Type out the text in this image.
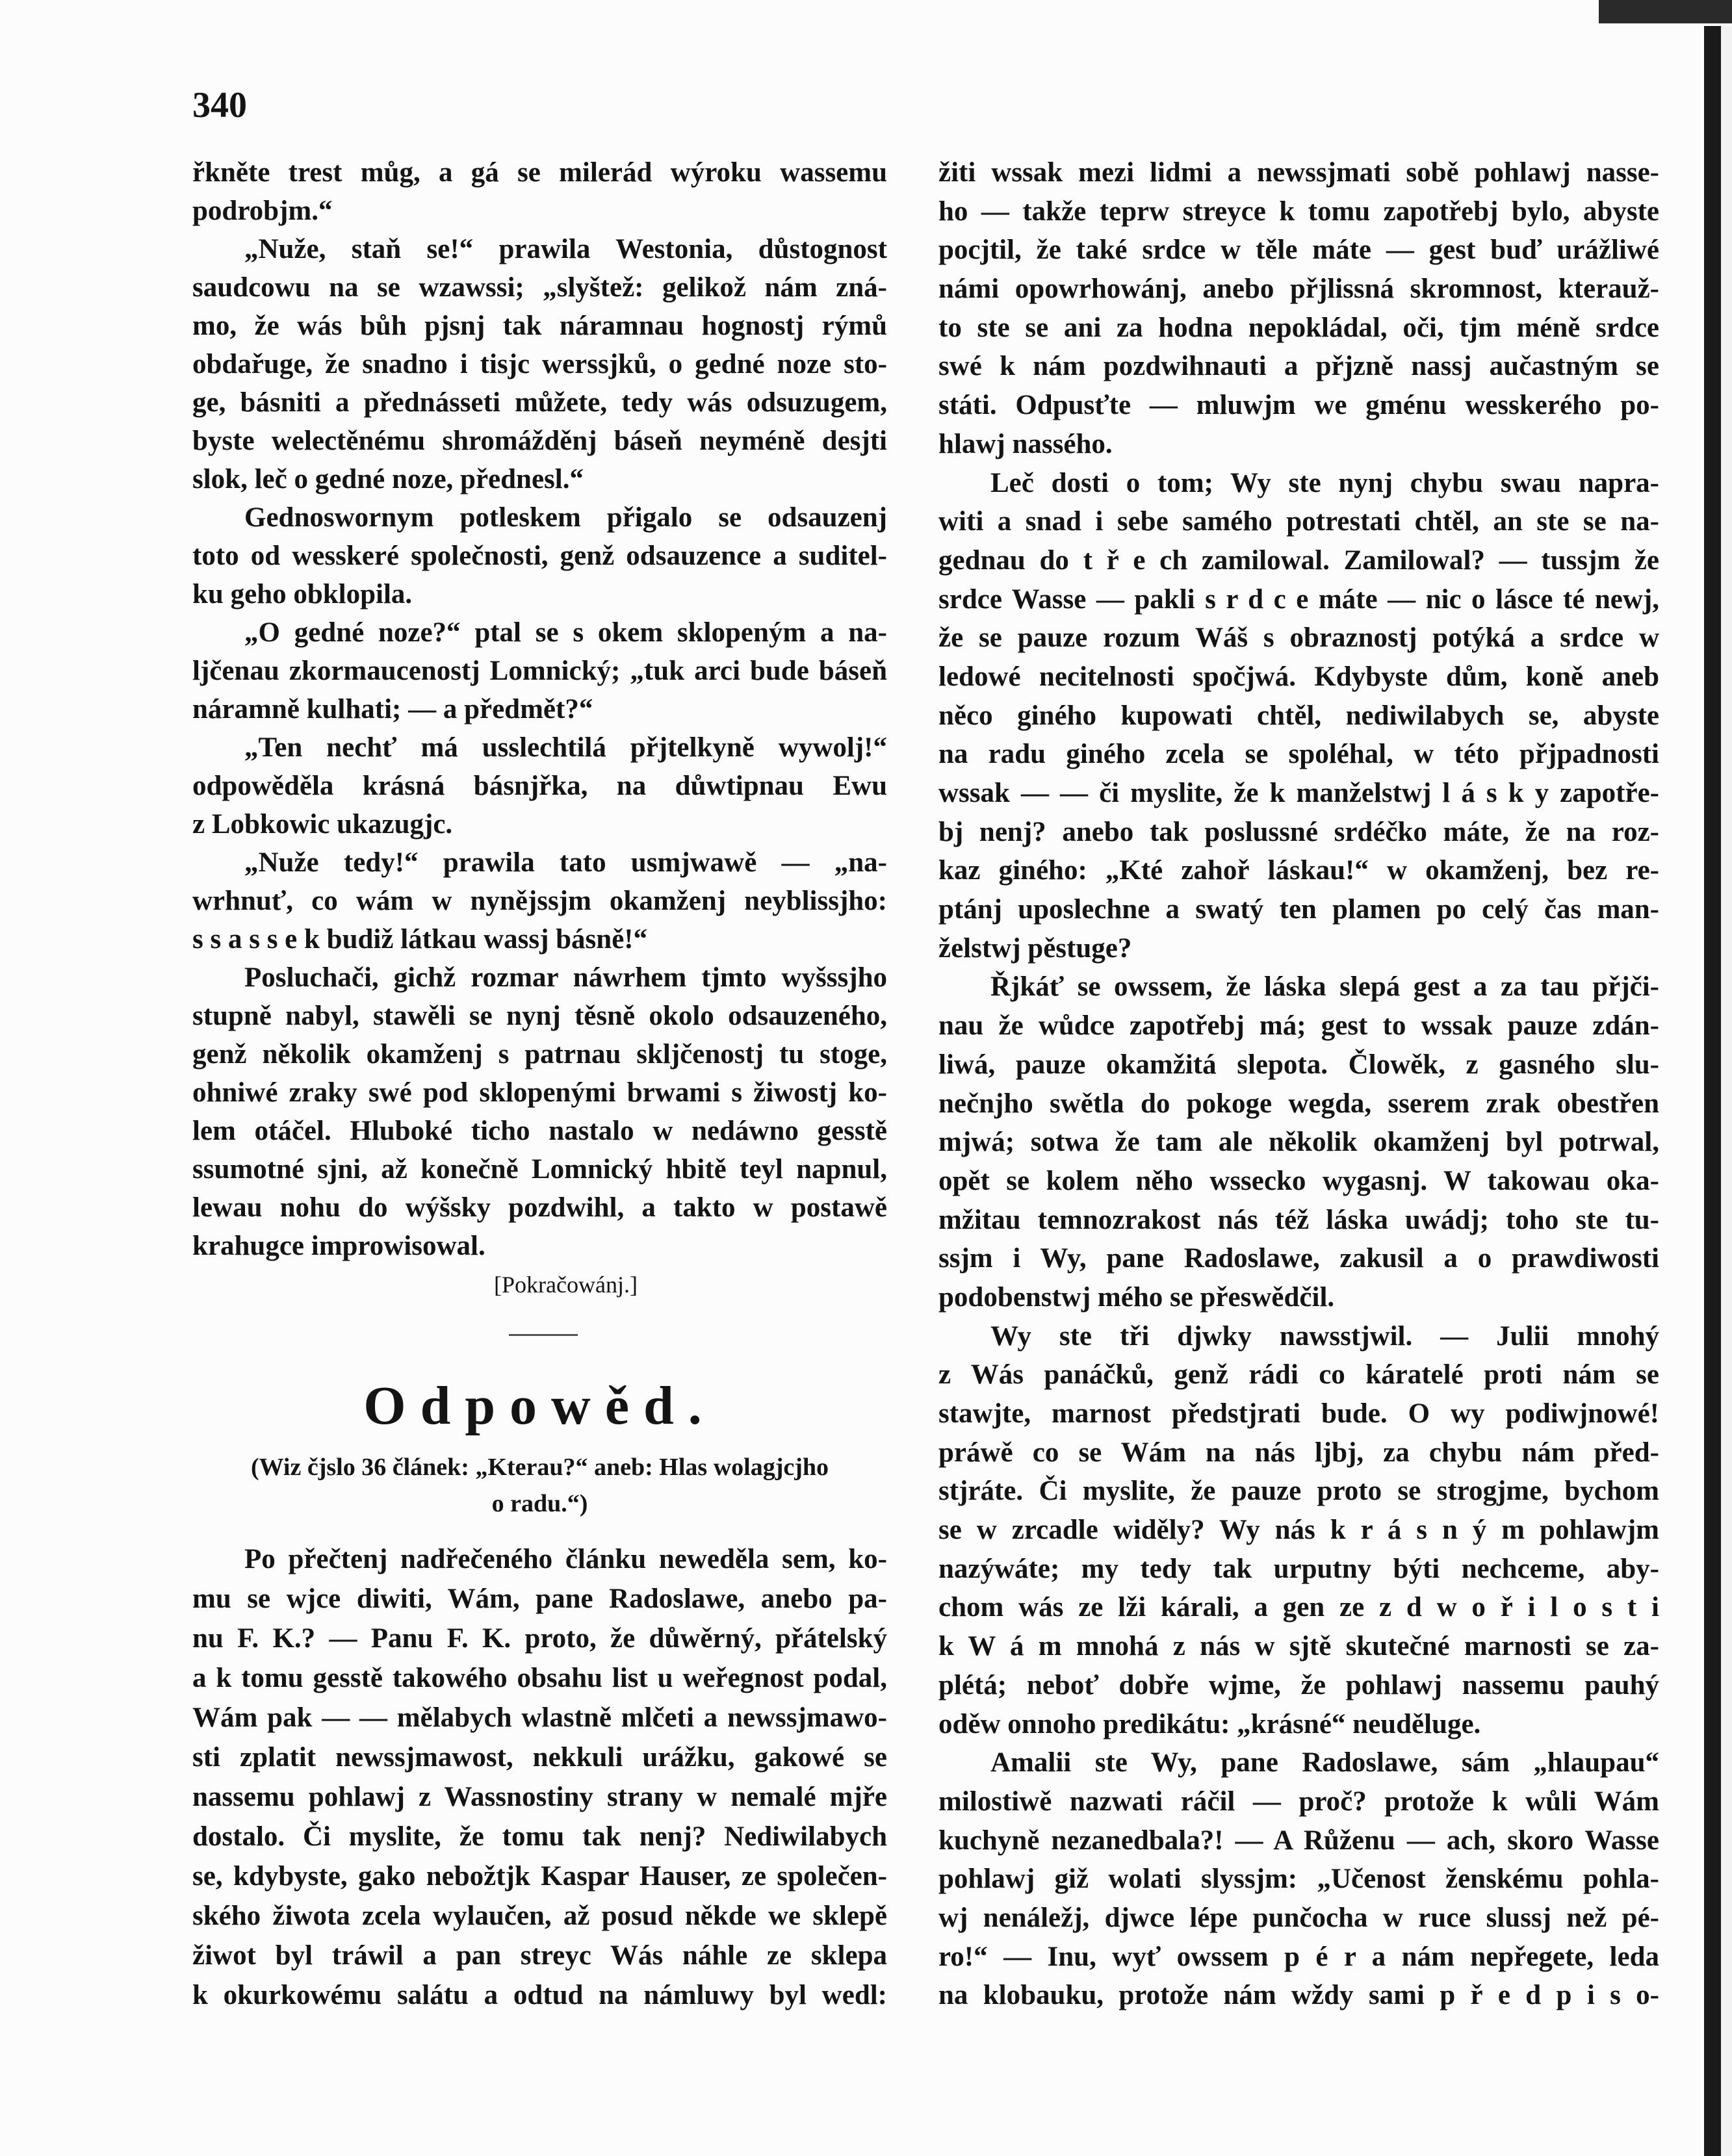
340
řkněte trest můg, a gá se milerád wýroku wassemu
podrobjm.“
„Nuže, staň se!“ prawila Westonia, důstognost
saudcowu na se wzawssi; „slyštež: gelikož nám zná-
mo, že wás bůh pjsnj tak náramnau hognostj rýmů
obdařuge, že snadno i tisjc werssjků, o gedné noze sto-
ge, básniti a přednásseti můžete, tedy wás odsuzugem,
byste welectěnému shromážděnj báseň neyméně desjti
slok, leč o gedné noze, přednesl.“
Gednoswornym potleskem přigalo se odsauzenj
toto od wesskeré společnosti, genž odsauzence a suditel-
ku geho obklopila.
„O gedné noze?“ ptal se s okem sklopeným a na-
ljčenau zkormaucenostj Lomnický; „tuk arci bude báseň
náramně kulhati; — a předmět?“
„Ten nechť má usslechtilá přjtelkyně wywolj!“
odpowěděla krásná básnjřka, na důwtipnau Ewu
z Lobkowic ukazugjc.
„Nuže tedy!“ prawila tato usmjwawě — „na-
wrhnuť, co wám w nynějssjm okamženj neyblissjho:
s s a s s e k budiž látkau wassj básně!“
Posluchači, gichž rozmar náwrhem tjmto wyšssjho
stupně nabyl, stawěli se nynj těsně okolo odsauzeného,
genž několik okamženj s patrnau skljčenostj tu stoge,
ohniwé zraky swé pod sklopenými brwami s žiwostj ko-
lem otáčel. Hluboké ticho nastalo w nedáwno gesstě
ssumotné sjni, až konečně Lomnický hbitě teyl napnul,
lewau nohu do wýšsky pozdwihl, a takto w postawě
krahugce improwisowal.
[Pokračowánj.]
Odpowěd.
(Wiz čjslo 36 článek: „Kterau?“ aneb: Hlas wolagjcjho
o radu.“)
Po přečtenj nadřečeného článku neweděla sem, ko-
mu se wjce diwiti, Wám, pane Radoslawe, anebo pa-
nu F. K.? — Panu F. K. proto, že důwěrný, přátelský
a k tomu gesstě takowého obsahu list u weřegnost podal,
Wám pak — — mělabych wlastně mlčeti a newssjmawo-
sti zplatit newssjmawost, nekkuli urážku, gakowé se
nassemu pohlawj z Wassnostiny strany w nemalé mjře
dostalo. Či myslite, že tomu tak nenj? Nediwilabych
se, kdybyste, gako nebožtjk Kaspar Hauser, ze společen-
ského žiwota zcela wylaučen, až posud někde we sklepě
žiwot byl tráwil a pan streyc Wás náhle ze sklepa
k okurkowému salátu a odtud na námluwy byl wedl:
žiti wssak mezi lidmi a newssjmati sobě pohlawj nasse-
ho — takže teprw streyce k tomu zapotřebj bylo, abyste
pocjtil, že také srdce w těle máte — gest buď urážliwé
námi opowrhowánj, anebo přjlissná skromnost, kterauž-
to ste se ani za hodna nepokládal, oči, tjm méně srdce
swé k nám pozdwihnauti a přjzně nassj aučastným se
státi. Odpusťte — mluwjm we gménu wesskerého po-
hlawj nassého.
Leč dosti o tom; Wy ste nynj chybu swau napra-
witi a snad i sebe samého potrestati chtěl, an ste se na-
gednau do t ř e ch zamilowal. Zamilowal? — tussjm že
srdce Wasse — pakli s r d c e máte — nic o lásce té newj,
že se pauze rozum Wáš s obraznostj potýká a srdce w
ledowé necitelnosti spočjwá. Kdybyste dům, koně aneb
něco giného kupowati chtěl, nediwilabych se, abyste
na radu giného zcela se spoléhal, w této přjpadnosti
wssak — — či myslite, že k manželstwj l á s k y zapotře-
bj nenj? anebo tak poslussné srdéčko máte, že na roz-
kaz giného: „Kté zahoř láskau!“ w okamženj, bez re-
ptánj uposlechne a swatý ten plamen po celý čas man-
želstwj pěstuge?
Řjkáť se owssem, že láska slepá gest a za tau přjči-
nau že wůdce zapotřebj má; gest to wssak pauze zdán-
liwá, pauze okamžitá slepota. Člowěk, z gasného slu-
nečnjho swětla do pokoge wegda, sserem zrak obestřen
mjwá; sotwa že tam ale několik okamženj byl potrwal,
opět se kolem něho wssecko wygasnj. W takowau oka-
mžitau temnozrakost nás též láska uwádj; toho ste tu-
ssjm i Wy, pane Radoslawe, zakusil a o prawdiwosti
podobenstwj mého se přeswědčil.
Wy ste tři djwky nawsstjwil. — Julii mnohý
z Wás panáčků, genž rádi co káratelé proti nám se
stawjte, marnost předstjrati bude. O wy podiwjnowé!
práwě co se Wám na nás ljbj, za chybu nám před-
stjráte. Či myslite, že pauze proto se strogjme, bychom
se w zrcadle widěly? Wy nás k r á s n ý m pohlawjm
nazýwáte; my tedy tak urputny býti nechceme, aby-
chom wás ze lži kárali, a gen ze z d w o ř i l o s t i
k W á m mnohá z nás w sjtě skutečné marnosti se za-
plétá; neboť dobře wjme, že pohlawj nassemu pauhý
oděw onnoho predikátu: „krásné“ neuděluge.
Amalii ste Wy, pane Radoslawe, sám „hlaupau“
milostiwě nazwati ráčil — proč? protože k wůli Wám
kuchyně nezanedbala?! — A Růženu — ach, skoro Wasse
pohlawj giž wolati slyssjm: „Učenost ženskému pohla-
wj nenáležj, djwce lépe punčocha w ruce slussj než pé-
ro!“ — Inu, wyť owssem p é r a nám nepřegete, leda
na klobauku, protože nám wždy sami p ř e d p i s o-
